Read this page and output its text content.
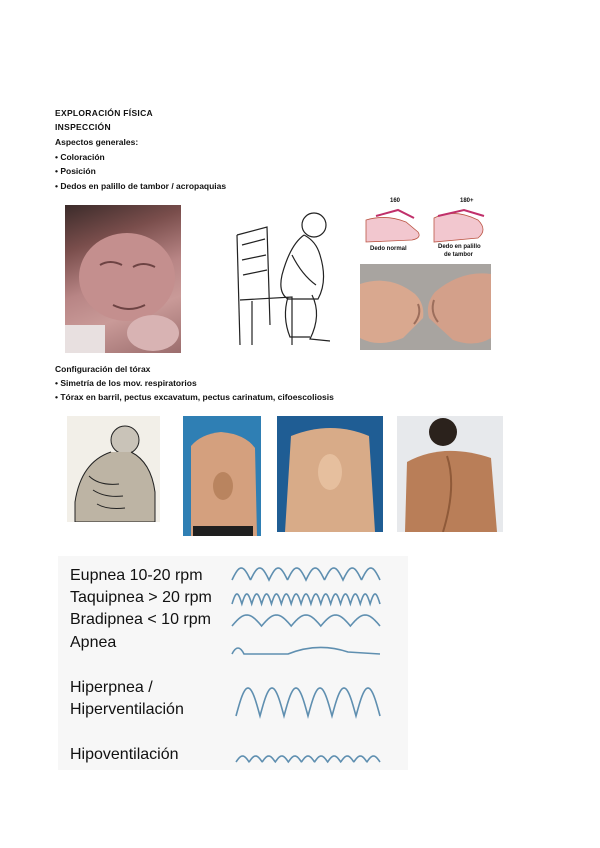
EXPLORACIÓN FÍSICA
INSPECCIÓN
Aspectos generales:
• Coloración
• Posición
• Dedos en palillo de tambor / acropaquias
160	180+
Dedo normal	Dedo en palillo
de tambor
Configuración del tórax
• Simetría de los mov. respiratorios
• Tórax en barril, pectus excavatum, pectus carinatum, cifoescoliosis
Eupnea 10-20 rpm
Taquipnea > 20 rpm
Bradipnea < 10 rpm
Apnea
Hiperpnea /
Hiperventilación
Hipoventilación
